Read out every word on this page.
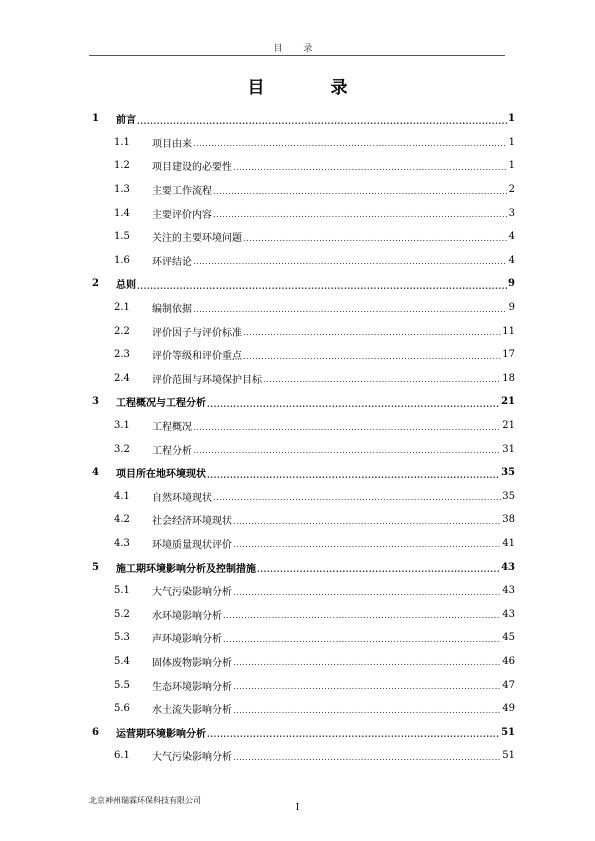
目 录
目 录
1	前言 .....	1
1.1	项目由来 .....	1
1.2	项目建设的必要性 .....	1
1.3	主要工作流程 .....	2
1.4	主要评价内容 .....	3
1.5	关注的主要环境问题 .....	4
1.6	环评结论 .....	4
2	总则 .....	9
2.1	编制依据 .....	9
2.2	评价因子与评价标准 .....	11
2.3	评价等级和评价重点 .....	17
2.4	评价范围与环境保护目标 .....	18
3	工程概况与工程分析 .....	21
3.1	工程概况 .....	21
3.2	工程分析 .....	31
4	项目所在地环境现状 .....	35
4.1	自然环境现状 .....	35
4.2	社会经济环境现状 .....	38
4.3	环境质量现状评价 .....	41
5	施工期环境影响分析及控制措施 .....	43
5.1	大气污染影响分析 .....	43
5.2	水环境影响分析 .....	43
5.3	声环境影响分析 .....	45
5.4	固体废物影响分析 .....	46
5.5	生态环境影响分析 .....	47
5.6	水土流失影响分析 .....	49
6	运营期环境影响分析 .....	51
6.1	大气污染影响分析 .....	51
北京神州瑞霖环保科技有限公司
I
